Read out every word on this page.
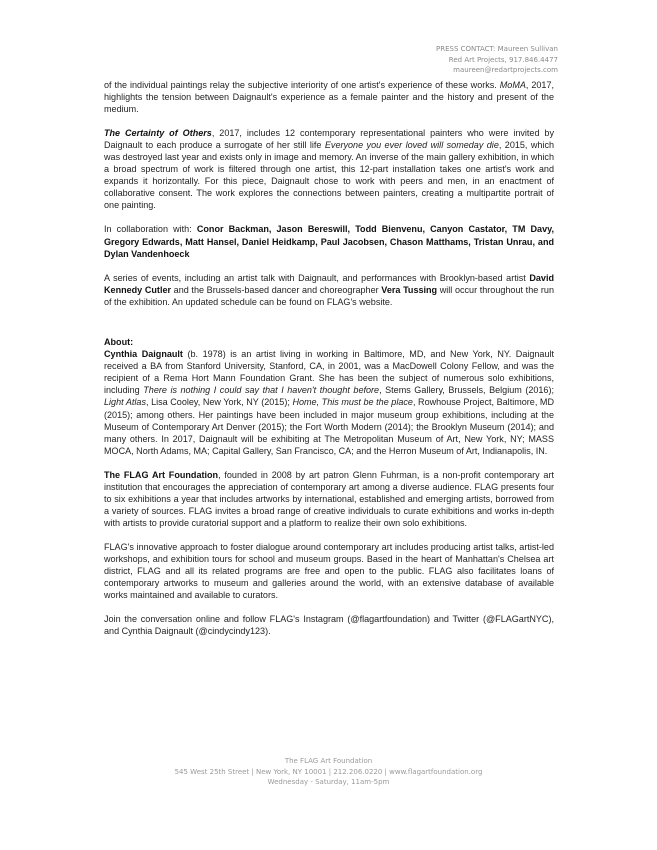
PRESS CONTACT: Maureen Sullivan
Red Art Projects, 917.846.4477
maureen@redartprojects.com

of the individual paintings relay the subjective interiority of one artist's experience of these works. MoMA, 2017, highlights the tension between Daignault's experience as a female painter and the history and present of the medium.

The Certainty of Others, 2017, includes 12 contemporary representational painters who were invited by Daignault to each produce a surrogate of her still life Everyone you ever loved will someday die, 2015, which was destroyed last year and exists only in image and memory. An inverse of the main gallery exhibition, in which a broad spectrum of work is filtered through one artist, this 12-part installation takes one artist's work and expands it horizontally. For this piece, Daignault chose to work with peers and men, in an enactment of collaborative consent. The work explores the connections between painters, creating a multipartite portrait of one painting.

In collaboration with: Conor Backman, Jason Bereswill, Todd Bienvenu, Canyon Castator, TM Davy, Gregory Edwards, Matt Hansel, Daniel Heidkamp, Paul Jacobsen, Chason Matthams, Tristan Unrau, and Dylan Vandenhoeck

A series of events, including an artist talk with Daignault, and performances with Brooklyn-based artist David Kennedy Cutler and the Brussels-based dancer and choreographer Vera Tussing will occur throughout the run of the exhibition. An updated schedule can be found on FLAG's website.

About:

Cynthia Daignault (b. 1978) is an artist living in working in Baltimore, MD, and New York, NY. Daignault received a BA from Stanford University, Stanford, CA, in 2001, was a MacDowell Colony Fellow, and was the recipient of a Rema Hort Mann Foundation Grant. She has been the subject of numerous solo exhibitions, including There is nothing I could say that I haven't thought before, Stems Gallery, Brussels, Belgium (2016); Light Atlas, Lisa Cooley, New York, NY (2015); Home, This must be the place, Rowhouse Project, Baltimore, MD (2015); among others. Her paintings have been included in major museum group exhibitions, including at the Museum of Contemporary Art Denver (2015); the Fort Worth Modern (2014); the Brooklyn Museum (2014); and many others. In 2017, Daignault will be exhibiting at The Metropolitan Museum of Art, New York, NY; MASS MOCA, North Adams, MA; Capital Gallery, San Francisco, CA; and the Herron Museum of Art, Indianapolis, IN.

The FLAG Art Foundation, founded in 2008 by art patron Glenn Fuhrman, is a non-profit contemporary art institution that encourages the appreciation of contemporary art among a diverse audience. FLAG presents four to six exhibitions a year that includes artworks by international, established and emerging artists, borrowed from a variety of sources. FLAG invites a broad range of creative individuals to curate exhibitions and works in-depth with artists to provide curatorial support and a platform to realize their own solo exhibitions.

FLAG's innovative approach to foster dialogue around contemporary art includes producing artist talks, artist-led workshops, and exhibition tours for school and museum groups. Based in the heart of Manhattan's Chelsea art district, FLAG and all its related programs are free and open to the public. FLAG also facilitates loans of contemporary artworks to museum and galleries around the world, with an extensive database of available works maintained and available to curators.

Join the conversation online and follow FLAG's Instagram (@flagartfoundation) and Twitter (@FLAGartNYC), and Cynthia Daignault (@cindycindy123).

The FLAG Art Foundation
545 West 25th Street | New York, NY 10001 | 212.206.0220 | www.flagartfoundation.org
Wednesday - Saturday, 11am-5pm
